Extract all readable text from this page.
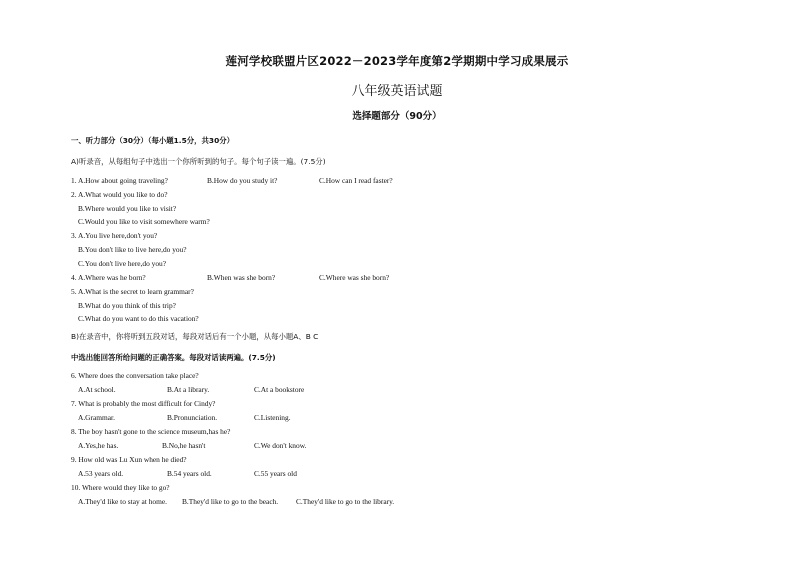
莲河学校联盟片区2022－2023学年度第2学期期中学习成果展示
八年级英语试题
选择题部分（90分）
一、听力部分（30分）（每小题1.5分，共30分）
A)听录音，从每组句子中选出一个你所听到的句子。每个句子读一遍。(7.5分)
1. A.How about going traveling?	B.How do you study it?	C.How can I read faster?
2. A.What would you like to do?
B.Where would you like to visit?
C.Would you like to visit somewhere warm?
3. A.You live here,don't you?
B.You don't like to live here,do you?
C.You don't live here,do you?
4. A.Where was he born?	B.When was she born?	C.Where was she born?
5. A.What is the secret to learn grammar?
B.What do you think of this trip?
C.What do you want to do this vacation?
B)在录音中，你将听到五段对话，每段对话后有一个小题，从每小题A、B C
中选出能回答所给问题的正确答案。每段对话读两遍。(7.5分)
6. Where does the conversation take place?
A.At school.	B.At a library.	C.At a bookstore
7. What is probably the most difficult for Cindy?
A.Grammar.	B.Pronunciation.	C.Listening.
8. The boy hasn't gone to the science museum,has he?
A.Yes,he has.	B.No,he hasn't	C.We don't know.
9. How old was Lu Xun when he died?
A.53 years old.	B.54 years old.	C.55 years old
10. Where would they like to go?
A.They'd like to stay at home. B.They'd like to go to the beach. C.They'd like to go to the library.
